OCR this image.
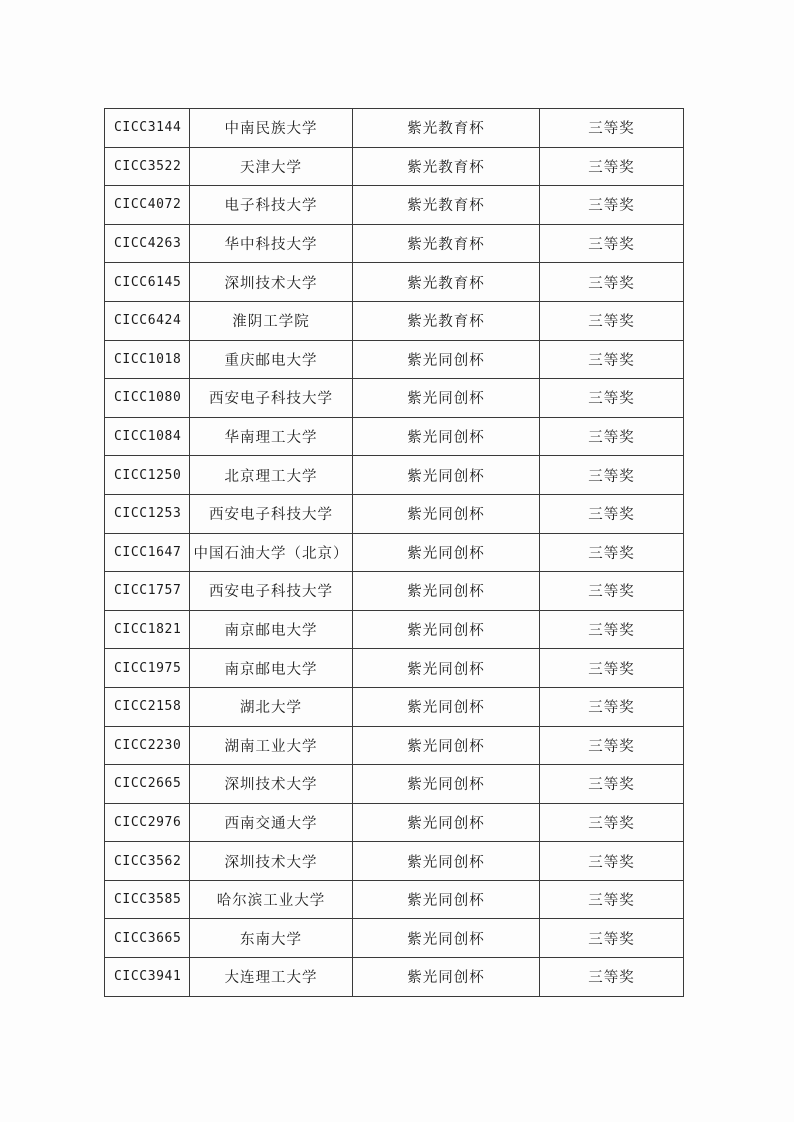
CICC3144	中南民族大学	紫光教育杯	三等奖
CICC3522	天津大学	紫光教育杯	三等奖
CICC4072	电子科技大学	紫光教育杯	三等奖
CICC4263	华中科技大学	紫光教育杯	三等奖
CICC6145	深圳技术大学	紫光教育杯	三等奖
CICC6424	淮阴工学院	紫光教育杯	三等奖
CICC1018	重庆邮电大学	紫光同创杯	三等奖
CICC1080	西安电子科技大学	紫光同创杯	三等奖
CICC1084	华南理工大学	紫光同创杯	三等奖
CICC1250	北京理工大学	紫光同创杯	三等奖
CICC1253	西安电子科技大学	紫光同创杯	三等奖
CICC1647	中国石油大学（北京）	紫光同创杯	三等奖
CICC1757	西安电子科技大学	紫光同创杯	三等奖
CICC1821	南京邮电大学	紫光同创杯	三等奖
CICC1975	南京邮电大学	紫光同创杯	三等奖
CICC2158	湖北大学	紫光同创杯	三等奖
CICC2230	湖南工业大学	紫光同创杯	三等奖
CICC2665	深圳技术大学	紫光同创杯	三等奖
CICC2976	西南交通大学	紫光同创杯	三等奖
CICC3562	深圳技术大学	紫光同创杯	三等奖
CICC3585	哈尔滨工业大学	紫光同创杯	三等奖
CICC3665	东南大学	紫光同创杯	三等奖
CICC3941	大连理工大学	紫光同创杯	三等奖
